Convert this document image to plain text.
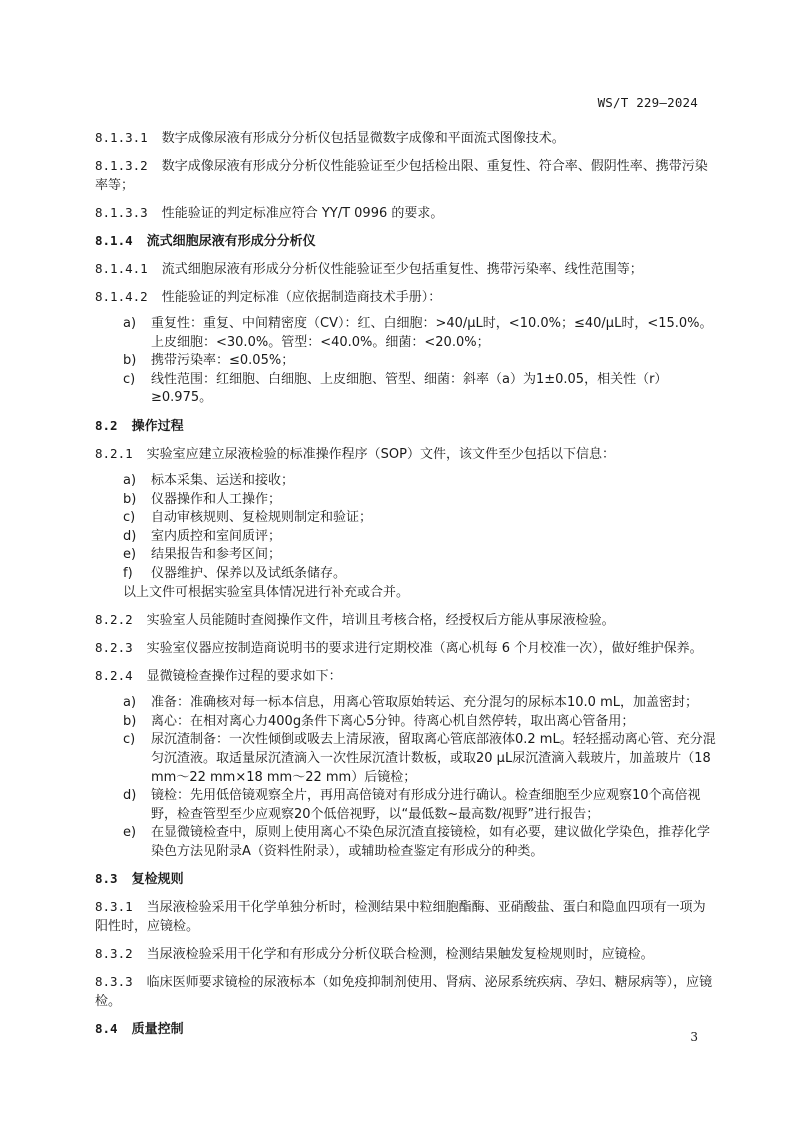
WS/T 229—2024

8.1.3.1 数字成像尿液有形成分分析仪包括显微数字成像和平面流式图像技术。

8.1.3.2 数字成像尿液有形成分分析仪性能验证至少包括检出限、重复性、符合率、假阴性率、携带污染率等；

8.1.3.3 性能验证的判定标准应符合 YY/T 0996 的要求。

8.1.4 流式细胞尿液有形成分分析仪

8.1.4.1 流式细胞尿液有形成分分析仪性能验证至少包括重复性、携带污染率、线性范围等；

8.1.4.2 性能验证的判定标准（应依据制造商技术手册）：

a)	重复性：重复、中间精密度（CV）：红、白细胞：>40/μL时，<10.0%；≤40/μL时，<15.0%。上皮细胞：<30.0%。管型：<40.0%。细菌：<20.0%；
b)	携带污染率：≤0.05%；
c)	线性范围：红细胞、白细胞、上皮细胞、管型、细菌：斜率（a）为1±0.05，相关性（r）≥0.975。

8.2 操作过程

8.2.1 实验室应建立尿液检验的标准操作程序（SOP）文件，该文件至少包括以下信息：

a)	标本采集、运送和接收；
b)	仪器操作和人工操作；
c)	自动审核规则、复检规则制定和验证；
d)	室内质控和室间质评；
e)	结果报告和参考区间；
f)	仪器维护、保养以及试纸条储存。
以上文件可根据实验室具体情况进行补充或合并。

8.2.2 实验室人员能随时查阅操作文件，培训且考核合格，经授权后方能从事尿液检验。

8.2.3 实验室仪器应按制造商说明书的要求进行定期校准（离心机每 6 个月校准一次），做好维护保养。

8.2.4 显微镜检查操作过程的要求如下：

a)	准备：准确核对每一标本信息，用离心管取原始转运、充分混匀的尿标本10.0 mL，加盖密封；
b)	离心：在相对离心力400g条件下离心5分钟。待离心机自然停转，取出离心管备用；
c)	尿沉渣制备：一次性倾倒或吸去上清尿液，留取离心管底部液体0.2 mL。轻轻摇动离心管、充分混匀沉渣液。取适量尿沉渣滴入一次性尿沉渣计数板，或取20 μL尿沉渣滴入载玻片，加盖玻片（18 mm～22 mm×18 mm～22 mm）后镜检；
d)	镜检：先用低倍镜观察全片，再用高倍镜对有形成分进行确认。检查细胞至少应观察10个高倍视野，检查管型至少应观察20个低倍视野，以“最低数~最高数/视野”进行报告；
e)	在显微镜检查中，原则上使用离心不染色尿沉渣直接镜检，如有必要，建议做化学染色，推荐化学染色方法见附录A（资料性附录），或辅助检查鉴定有形成分的种类。

8.3 复检规则

8.3.1 当尿液检验采用干化学单独分析时，检测结果中粒细胞酯酶、亚硝酸盐、蛋白和隐血四项有一项为阳性时，应镜检。

8.3.2 当尿液检验采用干化学和有形成分分析仪联合检测，检测结果触发复检规则时，应镜检。

8.3.3 临床医师要求镜检的尿液标本（如免疫抑制剂使用、肾病、泌尿系统疾病、孕妇、糖尿病等），应镜检。

8.4 质量控制	3
